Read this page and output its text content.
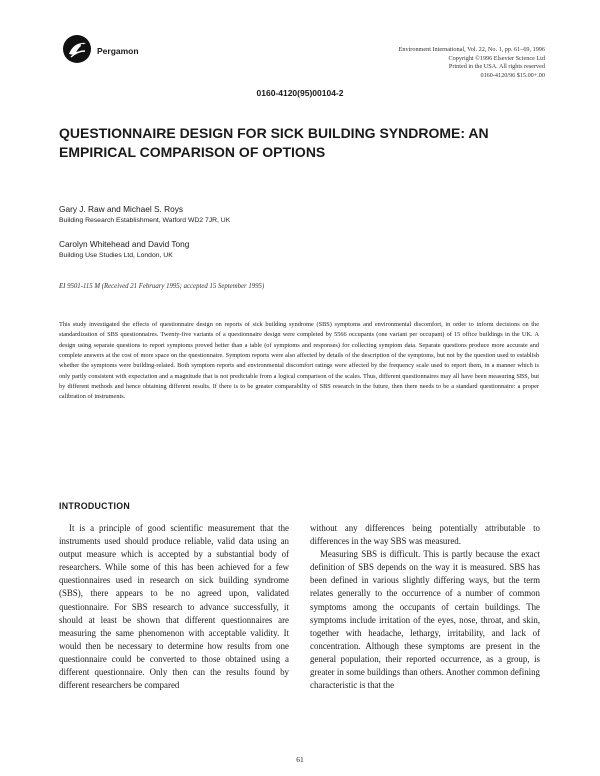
Pergamon	Environment International, Vol. 22, No. 1, pp. 61–69, 1996
Copyright ©1996 Elsevier Science Ltd
Printed in the USA. All rights reserved
0160-4120/96 $15.00+.00
0160-4120(95)00104-2
QUESTIONNAIRE DESIGN FOR SICK BUILDING SYNDROME: AN EMPIRICAL COMPARISON OF OPTIONS
Gary J. Raw and Michael S. Roys
Building Research Establishment, Watford WD2 7JR, UK
Carolyn Whitehead and David Tong
Building Use Studies Ltd, London, UK
EI 9501-115 M (Received 21 February 1995; accepted 15 September 1995)
This study investigated the effects of questionnaire design on reports of sick building syndrome (SBS) symptoms and environmental discomfort, in order to inform decisions on the standardization of SBS questionnaires. Twenty-five variants of a questionnaire design were completed by 5566 occupants (one variant per occupant) of 15 office buildings in the UK. A design using separate questions to report symptoms proved better than a table (of symptoms and responses) for collecting symptom data. Separate questions produce more accurate and complete answers at the cost of more space on the questionnaire. Symptom reports were also affected by details of the description of the symptoms, but not by the question used to establish whether the symptoms were building-related. Both symptom reports and environmental discomfort ratings were affected by the frequency scale used to report them, in a manner which is only partly consistent with expectation and a magnitude that is not predictable from a logical comparison of the scales. Thus, different questionnaires may all have been measuring SBS, but by different methods and hence obtaining different results. If there is to be greater comparability of SBS research in the future, then there needs to be a standard questionnaire: a proper calibration of instruments.
INTRODUCTION

It is a principle of good scientific measurement that the instruments used should produce reliable, valid data using an output measure which is accepted by a substantial body of researchers. While some of this has been achieved for a few questionnaires used in research on sick building syndrome (SBS), there appears to be no agreed upon, validated questionnaire. For SBS research to advance successfully, it should at least be shown that different questionnaires are measuring the same phenomenon with acceptable validity. It would then be necessary to determine how results from one questionnaire could be converted to those obtained using a different questionnaire. Only then can the results found by different researchers be compared

without any differences being potentially attributable to differences in the way SBS was measured.

Measuring SBS is difficult. This is partly because the exact definition of SBS depends on the way it is measured. SBS has been defined in various slightly differing ways, but the term relates generally to the occurrence of a number of common symptoms among the occupants of certain buildings. The symptoms include irritation of the eyes, nose, throat, and skin, together with headache, lethargy, irritability, and lack of concentration. Although these symptoms are present in the general population, their reported occurrence, as a group, is greater in some buildings than others. Another common defining characteristic is that the

61
